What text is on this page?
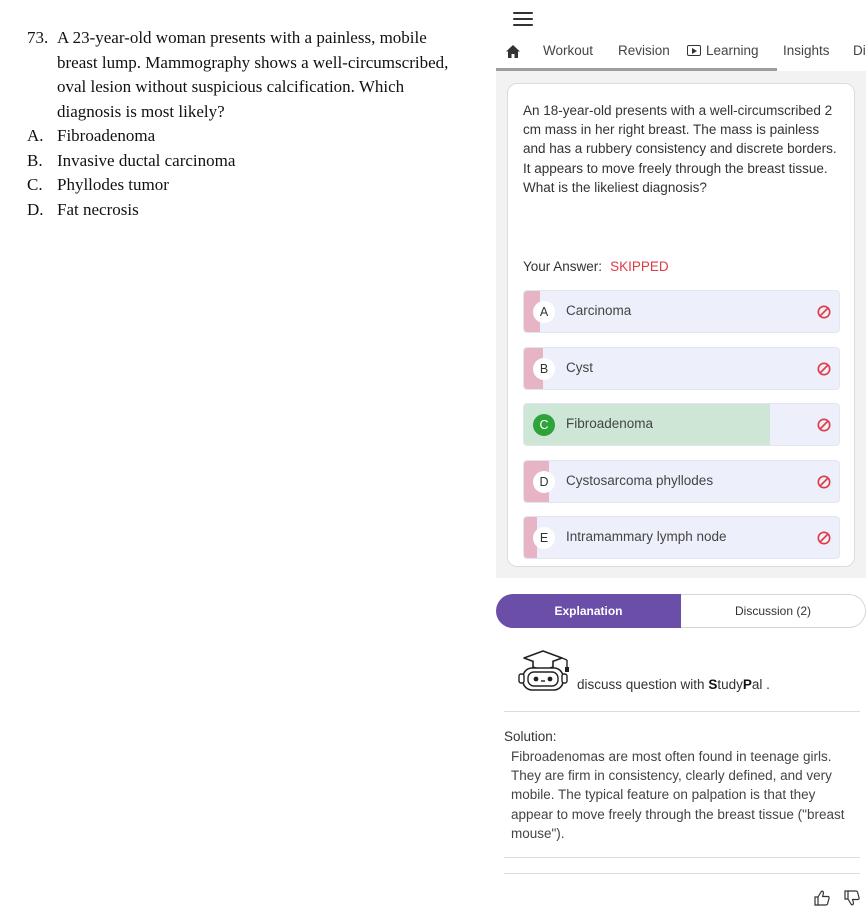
73. A 23-year-old woman presents with a painless, mobile breast lump. Mammography shows a well-circumscribed, oval lesion without suspicious calcification. Which diagnosis is most likely?
A. Fibroadenoma
B. Invasive ductal carcinoma
C. Phyllodes tumor
D. Fat necrosis
Workout Revision	Learning Insights Di
An 18-year-old presents with a well-circumscribed 2 cm mass in her right breast. The mass is painless and has a rubbery consistency and discrete borders. It appears to move freely through the breast tissue. What is the likeliest diagnosis?
Your Answer: SKIPPED
A	Carcinoma
B	Cyst
C	Fibroadenoma
D	Cystosarcoma phyllodes
E	Intramammary lymph node
Explanation	Discussion (2)
discuss question with StudyPal .
Solution:
Fibroadenomas are most often found in teenage girls. They are firm in consistency, clearly defined, and very mobile. The typical feature on palpation is that they appear to move freely through the breast tissue ("breast mouse").
